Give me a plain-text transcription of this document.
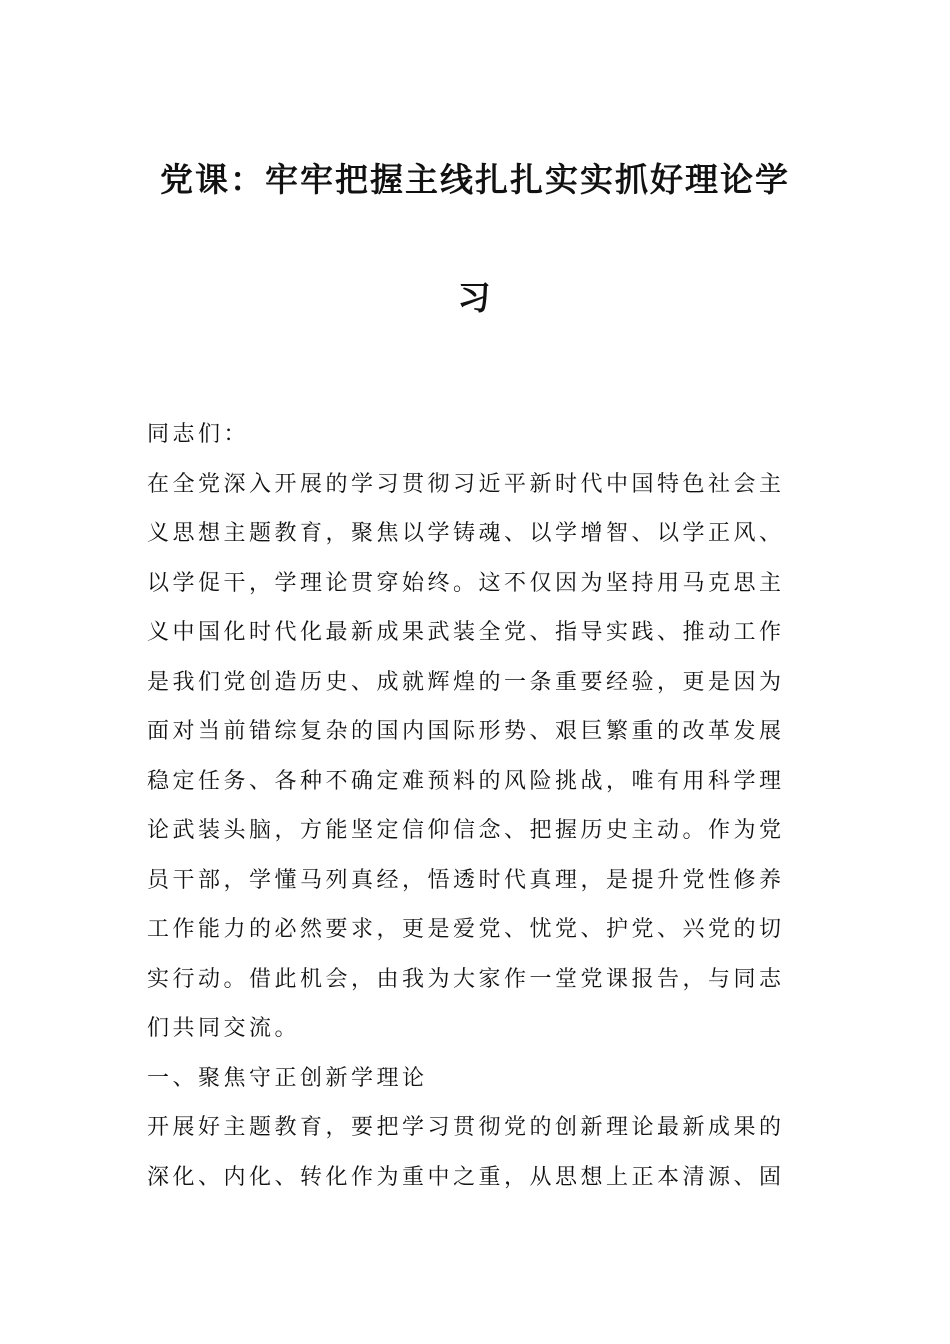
党课：牢牢把握主线扎扎实实抓好理论学
习
同志们：
在全党深入开展的学习贯彻习近平新时代中国特色社会主
义思想主题教育，聚焦以学铸魂、以学增智、以学正风、
以学促干，学理论贯穿始终。这不仅因为坚持用马克思主
义中国化时代化最新成果武装全党、指导实践、推动工作
是我们党创造历史、成就辉煌的一条重要经验，更是因为
面对当前错综复杂的国内国际形势、艰巨繁重的改革发展
稳定任务、各种不确定难预料的风险挑战，唯有用科学理
论武装头脑，方能坚定信仰信念、把握历史主动。作为党
员干部，学懂马列真经，悟透时代真理，是提升党性修养
工作能力的必然要求，更是爱党、忧党、护党、兴党的切
实行动。借此机会，由我为大家作一堂党课报告，与同志
们共同交流。
一、聚焦守正创新学理论
开展好主题教育，要把学习贯彻党的创新理论最新成果的
深化、内化、转化作为重中之重，从思想上正本清源、固
